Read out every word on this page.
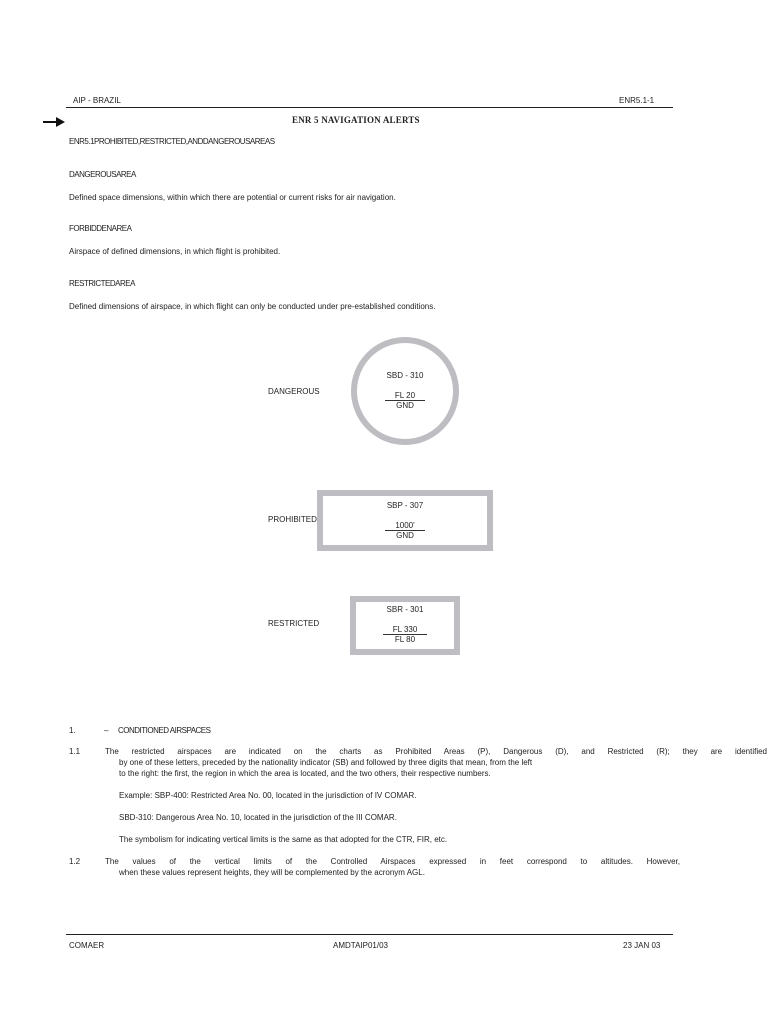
AIP - BRAZIL	ENR5.1-1
ENR 5 NAVIGATION ALERTS
ENR5.1PROHIBITED,RESTRICTED,ANDDANGEROUSAREAS
DANGEROUSAREA
Defined space dimensions, within which there are potential or current risks for air navigation.
FORBIDDENAREA
Airspace of defined dimensions, in which flight is prohibited.
RESTRICTEDAREA
Defined dimensions of airspace, in which flight can only be conducted under pre-established conditions.
DANGEROUS
SBD - 310
FL 20
GND
PROHIBITED
SBP - 307
1000'
GND
RESTRICTED
SBR - 301
$\frac{FL 330}{FL 80}$
1.	– CONDITIONED AIRSPACES
1.1	The restricted airspaces are indicated on the charts as Prohibited Areas (P), Dangerous (D), and Restricted (R); they are identified
by one of these letters, preceded by the nationality indicator (SB) and followed by three digits that mean, from the left
to the right: the first, the region in which the area is located, and the two others, their respective numbers.
Example: SBP-400: Restricted Area No. 00, located in the jurisdiction of IV COMAR.
SBD-310: Dangerous Area No. 10, located in the jurisdiction of the III COMAR.
The symbolism for indicating vertical limits is the same as that adopted for the CTR, FIR, etc.
1.2	The values of the vertical limits of the Controlled Airspaces expressed in feet correspond to altitudes. However,
when these values represent heights, they will be complemented by the acronym AGL.
COMAER	AMDTAIP01/03	23 JAN 03
